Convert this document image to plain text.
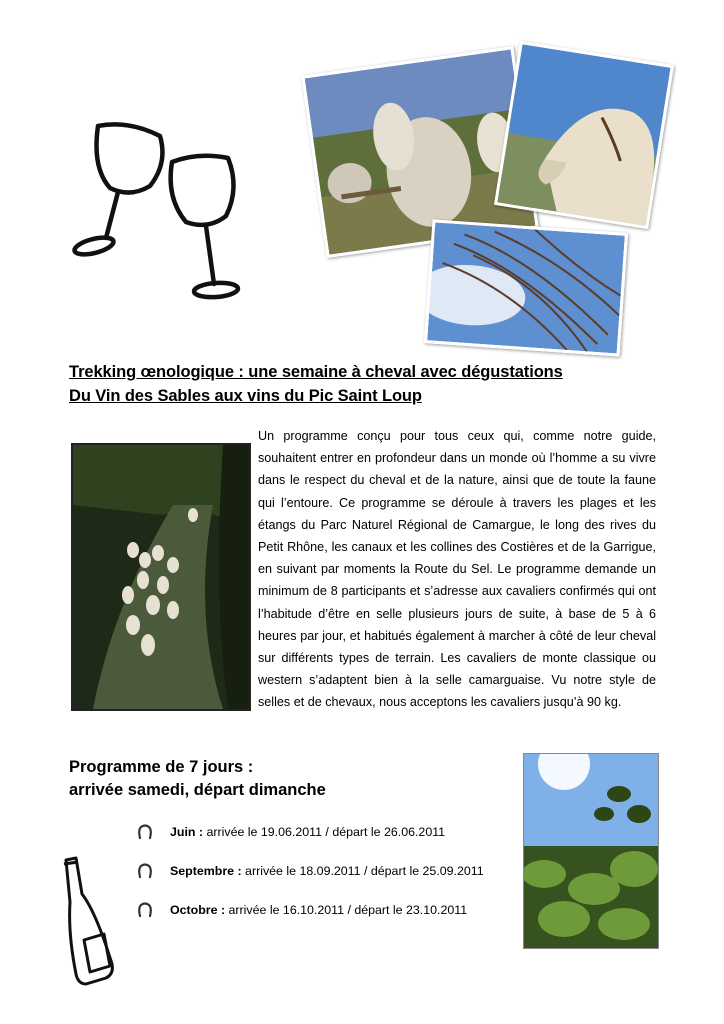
Trekking œnologique : une semaine à cheval avec dégustations
Du Vin des Sables aux vins du Pic Saint Loup
Un programme conçu pour tous ceux qui, comme notre guide, souhaitent entrer en profondeur dans un monde où l’homme a su vivre dans le respect du cheval et de la nature, ainsi que de toute la faune qui l’entoure. Ce programme se déroule à travers les plages et les étangs du Parc Naturel Régional de Camargue, le long des rives du Petit Rhône, les canaux et les collines des Costières et de la Garrigue, en suivant par moments la Route du Sel. Le programme demande un minimum de 8 participants et s’adresse aux cavaliers confirmés qui ont l’habitude d’être en selle plusieurs jours de suite, à base de 5 à 6 heures par jour, et habitués également à marcher à côté de leur cheval sur différents types de terrain. Les cavaliers de monte classique ou western s’adaptent bien à la selle camarguaise. Vu notre style de selles et de chevaux, nous acceptons les cavaliers jusqu’à 90 kg.
Programme de 7 jours :
arrivée samedi, départ dimanche
Juin : arrivée le 19.06.2011 / départ le 26.06.2011
Septembre : arrivée le 18.09.2011 / départ le 25.09.2011
Octobre : arrivée le 16.10.2011 / départ le 23.10.2011
